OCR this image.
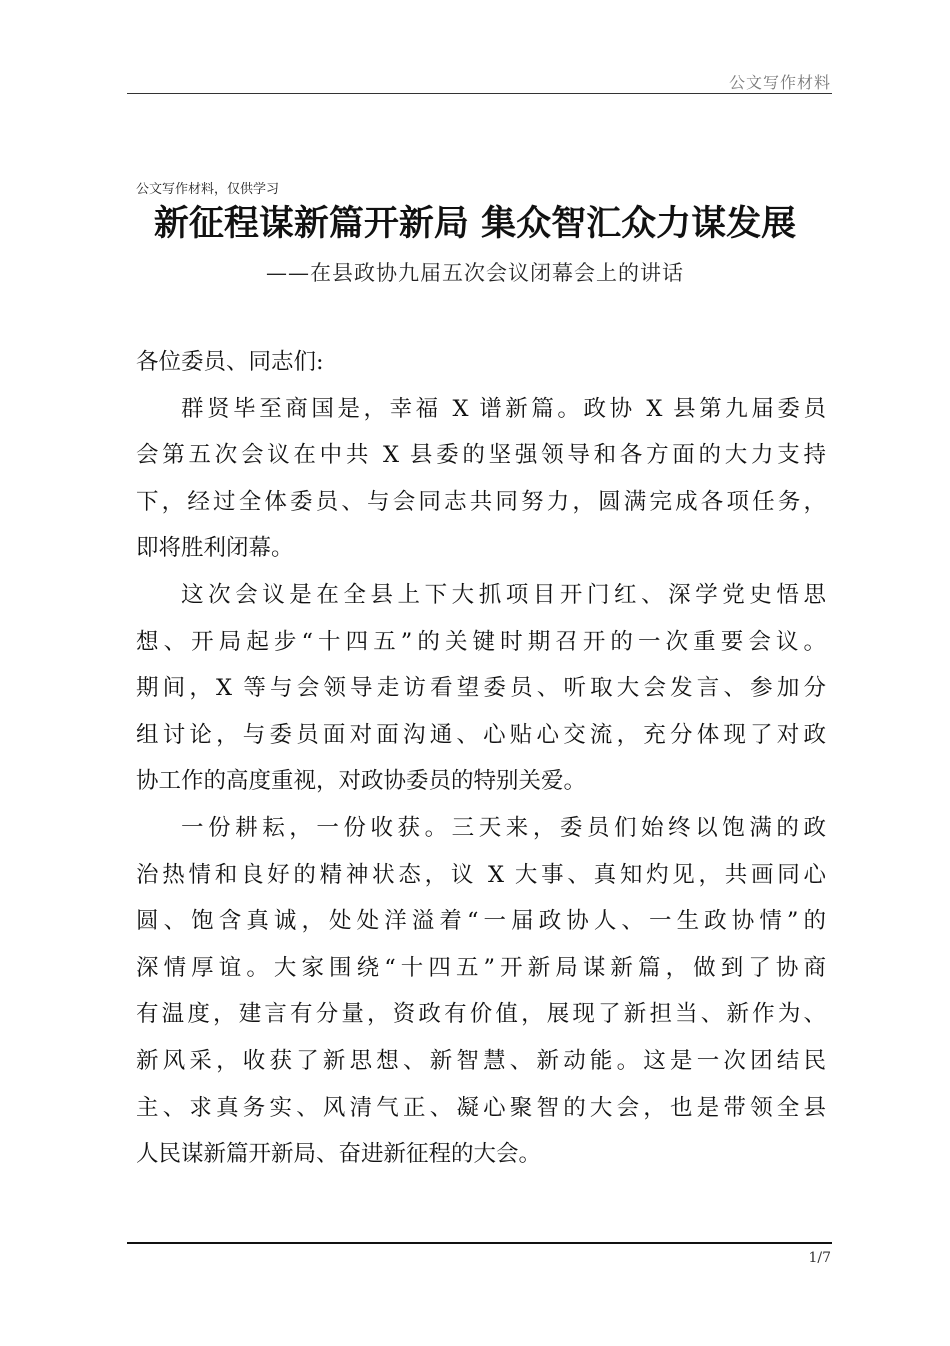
公文写作材料
公文写作材料，仅供学习
新征程谋新篇开新局 集众智汇众力谋发展
——在县政协九届五次会议闭幕会上的讲话
各位委员、同志们:
群贤毕至商国是，幸福 X 谱新篇。政协 X 县第九届委员
会第五次会议在中共 X 县委的坚强领导和各方面的大力支持
下，经过全体委员、与会同志共同努力，圆满完成各项任务，
即将胜利闭幕。
这次会议是在全县上下大抓项目开门红、深学党史悟思
想、开局起步“十四五”的关键时期召开的一次重要会议。
期间，X 等与会领导走访看望委员、听取大会发言、参加分
组讨论，与委员面对面沟通、心贴心交流，充分体现了对政
协工作的高度重视，对政协委员的特别关爱。
一份耕耘，一份收获。三天来，委员们始终以饱满的政
治热情和良好的精神状态，议 X 大事、真知灼见，共画同心
圆、饱含真诚，处处洋溢着“一届政协人、一生政协情”的
深情厚谊。大家围绕“十四五”开新局谋新篇，做到了协商
有温度，建言有分量，资政有价值，展现了新担当、新作为、
新风采，收获了新思想、新智慧、新动能。这是一次团结民
主、求真务实、风清气正、凝心聚智的大会，也是带领全县
人民谋新篇开新局、奋进新征程的大会。
1/7
